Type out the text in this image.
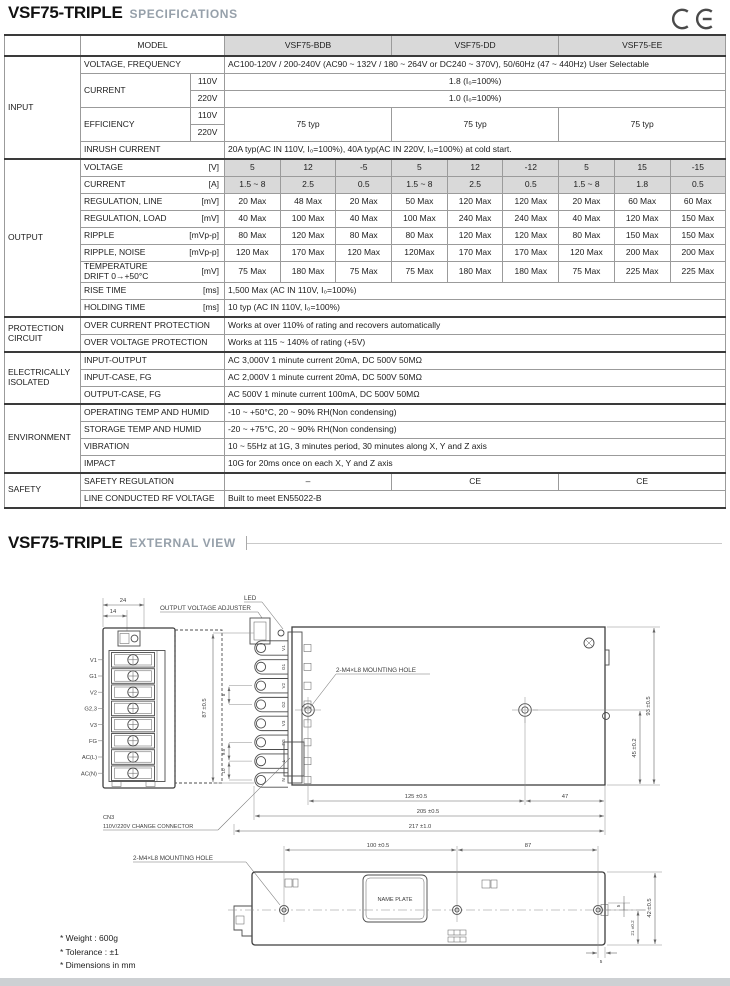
VSF75-TRIPLE SPECIFICATIONS
	MODEL		VSF75-BDB			VSF75-DD			VSF75-EE		
INPUT	VOLTAGE, FREQUENCY		AC100-120V / 200-240V (AC90 ~ 132V / 180 ~ 264V or DC240 ~ 370V), 50/60Hz (47 ~ 440Hz) User Selectable								
	CURRENT	110V	1.8 (I₀=100%)								
		220V	1.0 (I₀=100%)								
	EFFICIENCY	110V	75 typ			75 typ			75 typ		
		220V									
	INRUSH CURRENT		20A typ(AC IN 110V, I₀=100%), 40A typ(AC IN 220V, I₀=100%) at cold start.								
OUTPUT	VOLTAGE [V]		5	12	-5	5	12	-12	5	15	-15

	CURRENT [A]		1.5 ~ 8	2.5	0.5	1.5 ~ 8	2.5	0.5	1.5 ~ 8	1.8	0.5

	REGULATION, LINE [mV]		20 Max	48 Max	20 Max	50 Max	120 Max	120 Max	20 Max	60 Max	60 Max

	REGULATION, LOAD [mV]		40 Max	100 Max	40 Max	100 Max	240 Max	240 Max	40 Max	120 Max	150 Max

	RIPPLE [mVp-p]		80 Max	120 Max	80 Max	80 Max	120 Max	120 Max	80 Max	150 Max	150 Max

	RIPPLE, NOISE [mVp-p]		120 Max	170 Max	120 Max	120Max	170 Max	170 Max	120 Max	200 Max	200 Max

	TEMPERATURE DRIFT 0→+50°C [mV]		75 Max	180 Max	75 Max	75 Max	180 Max	180 Max	75 Max	225 Max	225 Max

	RISE TIME [ms]		1,500 Max (AC IN 110V, I₀=100%)								

	HOLDING TIME [ms]		10 typ (AC IN 110V, I₀=100%)								
PROTECTION CIRCUIT	OVER CURRENT PROTECTION		Works at over 110% of rating and recovers automatically								
	OVER VOLTAGE PROTECTION		Works at 115 ~ 140% of rating (+5V)								
ELECTRICALLY ISOLATED	INPUT-OUTPUT		AC 3,000V 1 minute current 20mA, DC 500V 50MΩ								
	INPUT-CASE, FG		AC 2,000V 1 minute current 20mA, DC 500V 50MΩ								
	OUTPUT-CASE, FG		AC 500V 1 minute current 100mA, DC 500V 50MΩ								
ENVIRONMENT	OPERATING TEMP AND HUMID		-10 ~ +50°C, 20 ~ 90% RH(Non condensing)								
	STORAGE TEMP AND HUMID		-20 ~ +75°C, 20 ~ 90% RH(Non condensing)								
	VIBRATION		10 ~ 55Hz at 1G, 3 minutes period, 30 minutes along X, Y and Z axis								
	IMPACT		10G for 20ms once on each X, Y and Z axis								
SAFETY	SAFETY REGULATION		–			CE			CE		
	LINE CONDUCTED RF VOLTAGE		Built to meet EN55022-B								
VSF75-TRIPLE EXTERNAL VIEW
24
14
V1
G1
V2
G2,3
V3
FG
AC(L)
AC(N)
LED
OUTPUT VOLTAGE ADJUSTER
87 ±0.5
V1
G1
V2
G2
V3
FG
L
N
8
9.5
10
2-M4×L8 MOUNTING HOLE
CN3
110V/220V CHANGE CONNECTOR
93 ±0.5
45 ±0.2
125 ±0.5	47
205 ±0.5
217 ±1.0
2-M4×L8 MOUNTING HOLE
NAME PLATE
100 ±0.5	87
5
21 ±0.2
42 ±0.5
5
* Weight : 600g
* Tolerance : ±1
* Dimensions in mm
